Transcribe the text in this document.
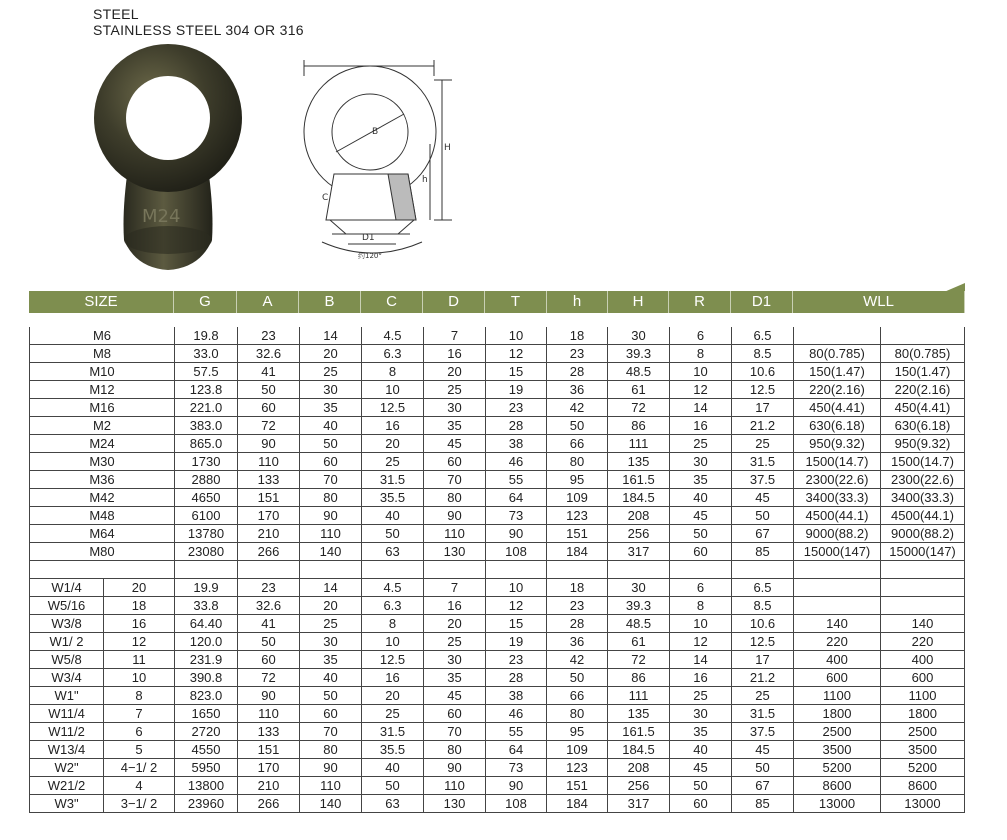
STEEL
STAINLESS STEEL 304 OR 316
M24
B
D1
约120°
H
h
C
SIZE	G	A	B	C	D	T	h	H	R	D1	WLL
M6		19.8	23	14	4.5	7	10	18	30	6	6.5		
M8		33.0	32.6	20	6.3	16	12	23	39.3	8	8.5	80(0.785)	80(0.785)
M10		57.5	41	25	8	20	15	28	48.5	10	10.6	150(1.47)	150(1.47)
M12		123.8	50	30	10	25	19	36	61	12	12.5	220(2.16)	220(2.16)
M16		221.0	60	35	12.5	30	23	42	72	14	17	450(4.41)	450(4.41)
M2		383.0	72	40	16	35	28	50	86	16	21.2	630(6.18)	630(6.18)
M24		865.0	90	50	20	45	38	66	111	25	25	950(9.32)	950(9.32)
M30		1730	110	60	25	60	46	80	135	30	31.5	1500(14.7)	1500(14.7)
M36		2880	133	70	31.5	70	55	95	161.5	35	37.5	2300(22.6)	2300(22.6)
M42		4650	151	80	35.5	80	64	109	184.5	40	45	3400(33.3)	3400(33.3)
M48		6100	170	90	40	90	73	123	208	45	50	4500(44.1)	4500(44.1)
M64		13780	210	110	50	110	90	151	256	50	67	9000(88.2)	9000(88.2)
M80		23080	266	140	63	130	108	184	317	60	85	15000(147)	15000(147)

W1/4	20	19.9	23	14	4.5	7	10	18	30	6	6.5		
W5/16	18	33.8	32.6	20	6.3	16	12	23	39.3	8	8.5		
W3/8	16	64.40	41	25	8	20	15	28	48.5	10	10.6	140	140
W1/ 2	12	120.0	50	30	10	25	19	36	61	12	12.5	220	220
W5/8	11	231.9	60	35	12.5	30	23	42	72	14	17	400	400
W3/4	10	390.8	72	40	16	35	28	50	86	16	21.2	600	600
W1"	8	823.0	90	50	20	45	38	66	111	25	25	1100	1100
W11/4	7	1650	110	60	25	60	46	80	135	30	31.5	1800	1800
W11/2	6	2720	133	70	31.5	70	55	95	161.5	35	37.5	2500	2500
W13/4	5	4550	151	80	35.5	80	64	109	184.5	40	45	3500	3500
W2"	4−1/ 2	5950	170	90	40	90	73	123	208	45	50	5200	5200
W21/2	4	13800	210	110	50	110	90	151	256	50	67	8600	8600
W3"	3−1/ 2	23960	266	140	63	130	108	184	317	60	85	13000	13000
